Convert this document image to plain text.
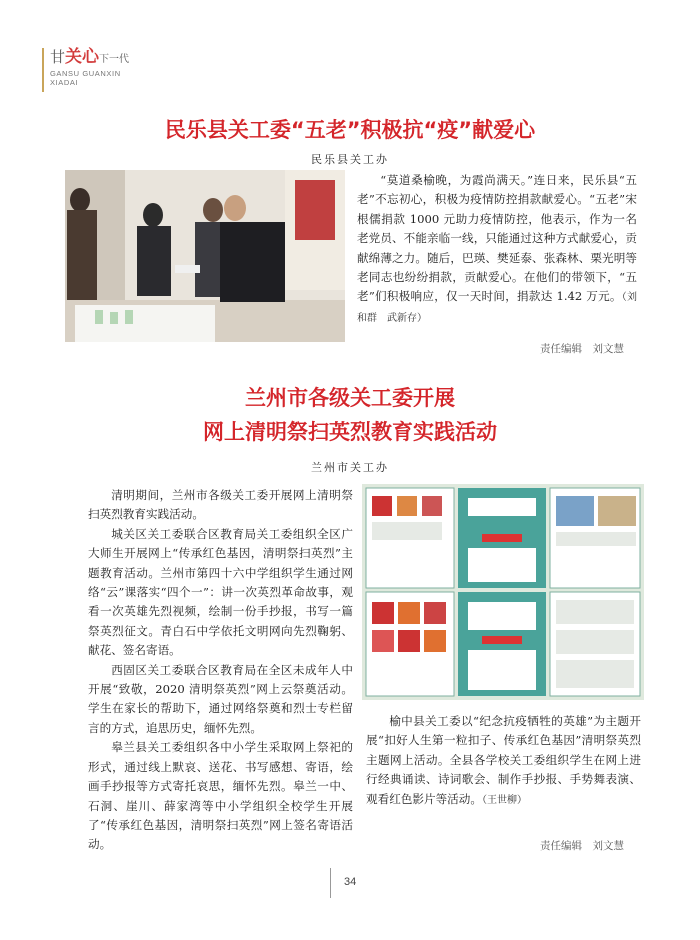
甘关心下一代
GANSU GUANXIN
XIADAI
民乐县关工委“五老”积极抗“疫”献爱心
民乐县关工办

“莫道桑榆晚，为霞尚满天。”连日来，民乐县“五老”不忘初心，积极为疫情防控捐款献爱心。“五老”宋根儒捐款 1000 元助力疫情防控，他表示，作为一名老党员、不能亲临一线，只能通过这种方式献爱心，贡献绵薄之力。随后，巴瑛、樊延泰、张森林、栗光明等老同志也纷纷捐款，贡献爱心。在他们的带领下，“五老”们积极响应，仅一天时间，捐款达 1.42 万元。（刘和群　武新存）

责任编辑　刘文慧
兰州市各级关工委开展
网上清明祭扫英烈教育实践活动
兰州市关工办

清明期间，兰州市各级关工委开展网上清明祭扫英烈教育实践活动。

城关区关工委联合区教育局关工委组织全区广大师生开展网上“传承红色基因，清明祭扫英烈”主题教育活动。兰州市第四十六中学组织学生通过网络“云”课落实“四个一”：讲一次英烈革命故事，观看一次英雄先烈视频，绘制一份手抄报，书写一篇祭英烈征文。青白石中学依托文明网向先烈鞠躬、献花、签名寄语。

西固区关工委联合区教育局在全区未成年人中开展“致敬，2020 清明祭英烈”网上云祭奠活动。学生在家长的帮助下，通过网络祭奠和烈士专栏留言的方式，追思历史，缅怀先烈。

皋兰县关工委组织各中小学生采取网上祭祀的形式，通过线上默哀、送花、书写感想、寄语，绘画手抄报等方式寄托哀思，缅怀先烈。皋兰一中、石洞、崖川、薛家湾等中小学组织全校学生开展了“传承红色基因，清明祭扫英烈”网上签名寄语活动。

榆中县关工委以“纪念抗疫牺牲的英雄”为主题开展“扣好人生第一粒扣子、传承红色基因”清明祭英烈主题网上活动。全县各学校关工委组织学生在网上进行经典诵读、诗词歌会、制作手抄报、手势舞表演、观看红色影片等活动。（王世柳）

责任编辑　刘文慧
34
